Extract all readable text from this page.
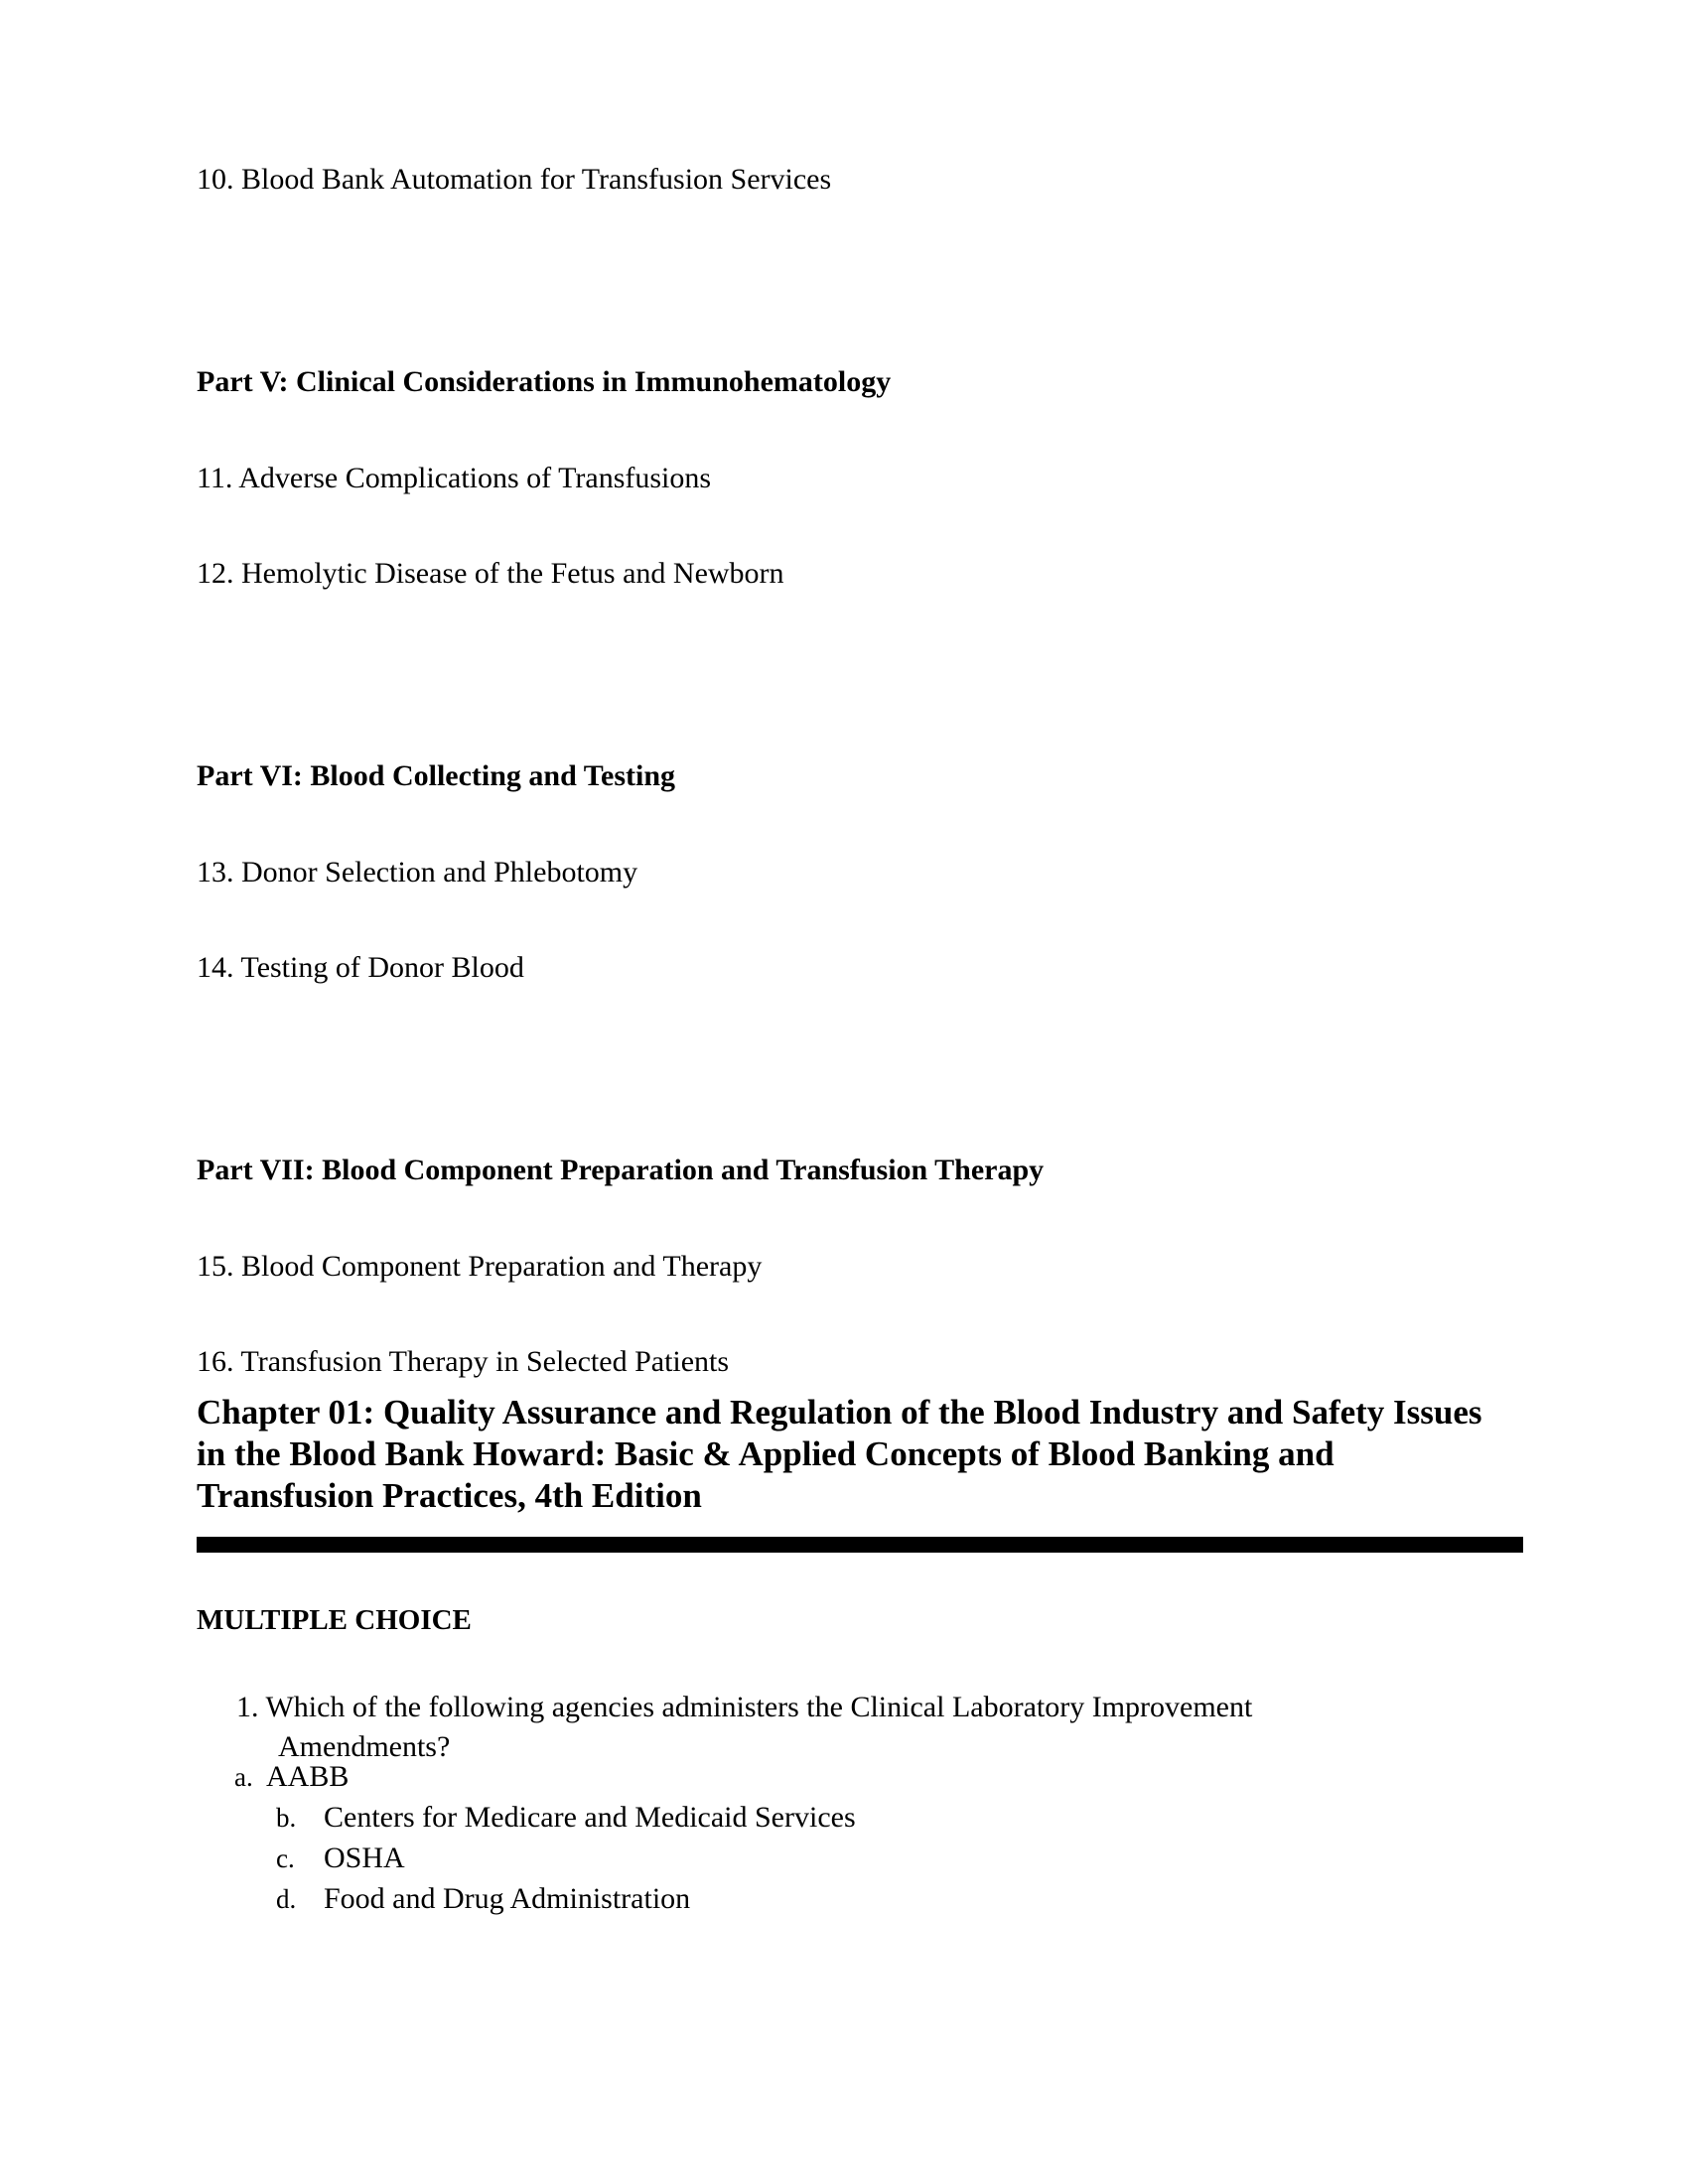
10. Blood Bank Automation for Transfusion Services
Part V: Clinical Considerations in Immunohematology
11. Adverse Complications of Transfusions
12. Hemolytic Disease of the Fetus and Newborn
Part VI: Blood Collecting and Testing
13. Donor Selection and Phlebotomy
14. Testing of Donor Blood
Part VII: Blood Component Preparation and Transfusion Therapy
15. Blood Component Preparation and Therapy
16. Transfusion Therapy in Selected Patients
Chapter 01: Quality Assurance and Regulation of the Blood Industry and Safety Issues
in the Blood Bank Howard: Basic & Applied Concepts of Blood Banking and
Transfusion Practices, 4th Edition
MULTIPLE CHOICE
1. Which of the following agencies administers the Clinical Laboratory Improvement
Amendments?
a. AABB
b. Centers for Medicare and Medicaid Services
c. OSHA
d. Food and Drug Administration
